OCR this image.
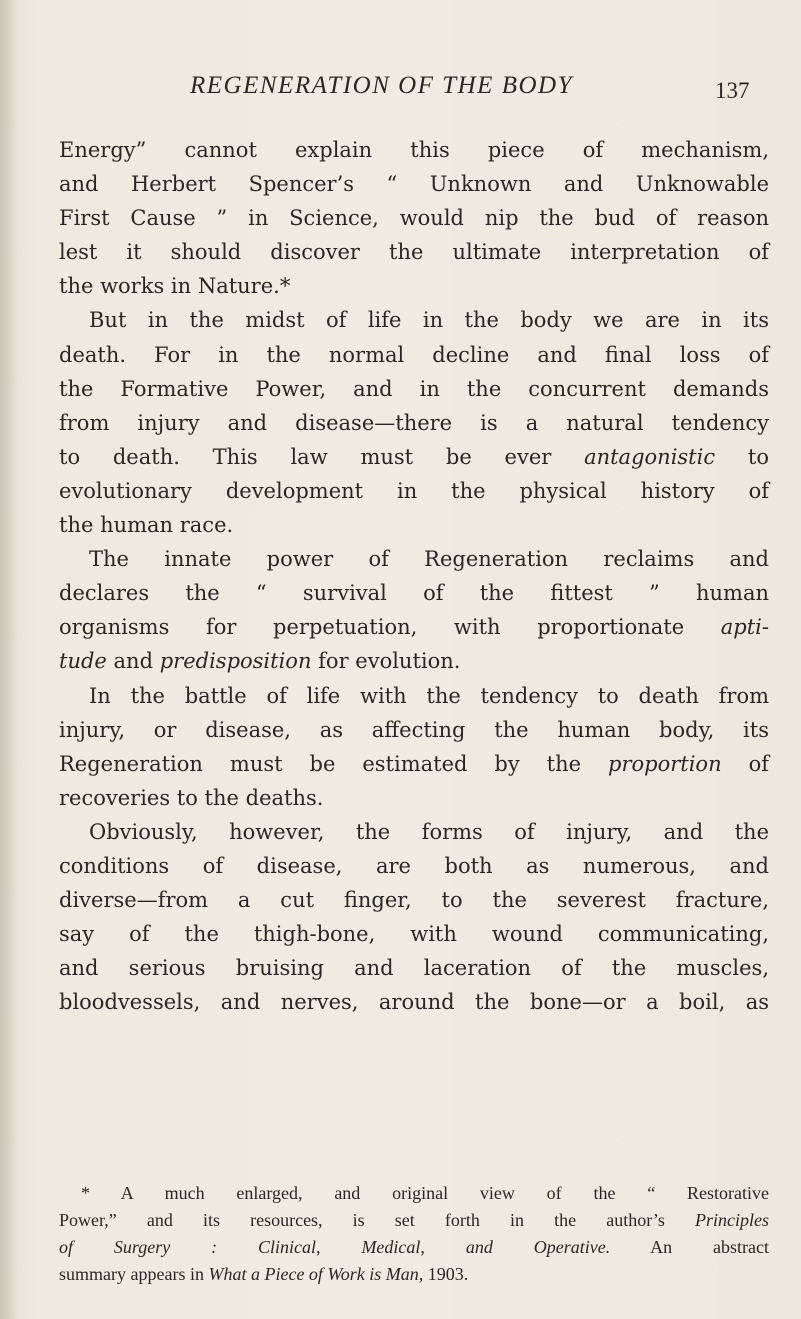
REGENERATION OF THE BODY	137
Energy” cannot explain this piece of mechanism,
and Herbert Spencer’s “ Unknown and Unknowable
First Cause ” in Science, would nip the bud of reason
lest it should discover the ultimate interpretation of
the works in Nature.*
But in the midst of life in the body we are in its
death. For in the normal decline and final loss of
the Formative Power, and in the concurrent demands
from injury and disease—there is a natural tendency
to death. This law must be ever antagonistic to
evolutionary development in the physical history of
the human race.
The innate power of Regeneration reclaims and
declares the “ survival of the fittest ” human
organisms for perpetuation, with proportionate apti-
tude and predisposition for evolution.
In the battle of life with the tendency to death from
injury, or disease, as affecting the human body, its
Regeneration must be estimated by the proportion of
recoveries to the deaths.
Obviously, however, the forms of injury, and the
conditions of disease, are both as numerous, and
diverse—from a cut finger, to the severest fracture,
say of the thigh-bone, with wound communicating,
and serious bruising and laceration of the muscles,
bloodvessels, and nerves, around the bone—or a boil, as
* A much enlarged, and original view of the “ Restorative
Power,” and its resources, is set forth in the author’s Principles
of Surgery : Clinical, Medical, and Operative. An abstract
summary appears in What a Piece of Work is Man, 1903.
